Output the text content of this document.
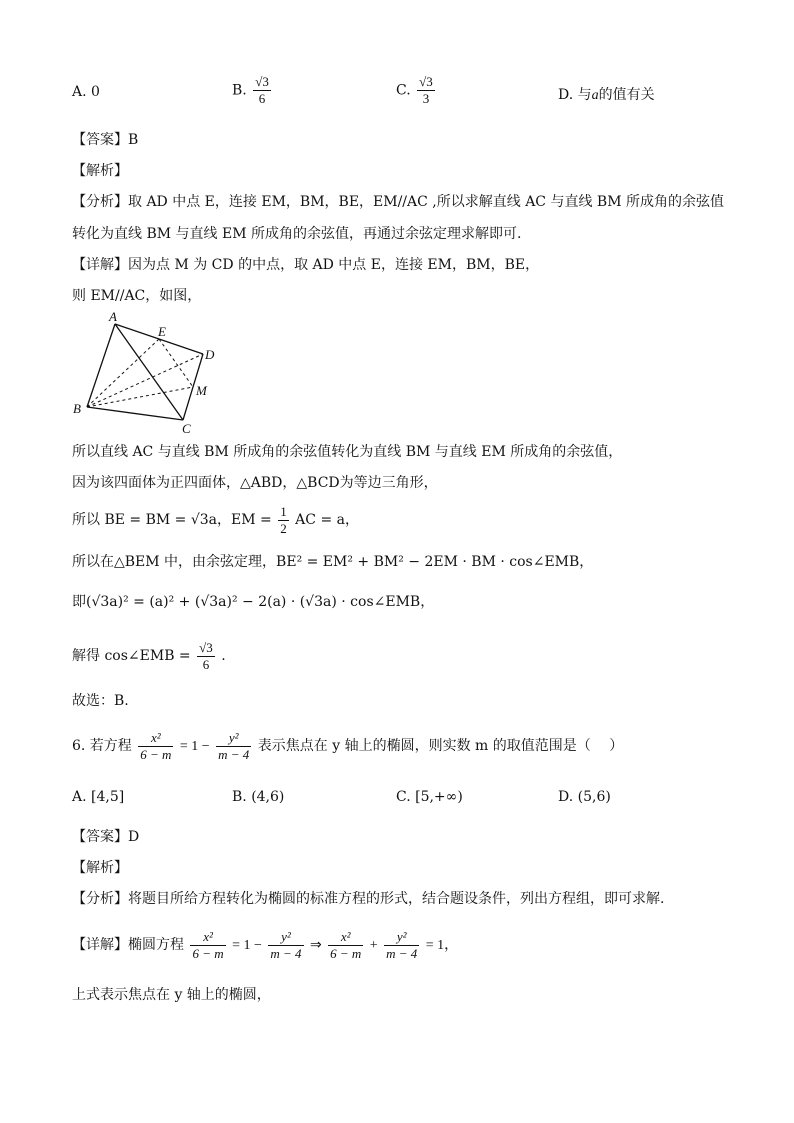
A. 0	B. $\frac{√3}{6}$	C. $\frac{√3}{3}$	D. 与a的值有关
【答案】B
【解析】
【分析】取 AD 中点 E，连接 EM，BM，BE，EM//AC ,所以求解直线 AC 与直线 BM 所成角的余弦值
转化为直线 BM 与直线 EM 所成角的余弦值，再通过余弦定理求解即可.
【详解】因为点 M 为 CD 的中点，取 AD 中点 E，连接 EM，BM，BE，
则 EM//AC，如图，
A
E
D
M
B
C
所以直线 AC 与直线 BM 所成角的余弦值转化为直线 BM 与直线 EM 所成角的余弦值，
因为该四面体为正四面体，△ABD，△BCD为等边三角形，
所以 BE = BM = √3a，EM = $\frac{1}{2}$ AC = a，
所以在△BEM 中，由余弦定理，BE² = EM² + BM² − 2EM · BM · cos∠EMB，
即(√3a)² = (a)² + (√3a)² − 2(a) · (√3a) · cos∠EMB，
解得 cos∠EMB = $\frac{√3}{6}$ .
故选：B.
6. 若方程 $\frac{\text{x²}}{6 - m} = 1 - \frac{\text{y²}}{m - 4}$ 表示焦点在 y 轴上的椭圆，则实数 m 的取值范围是（　 ）
A. [4,5]	B. (4,6)	C. [5,+∞)	D. (5,6)
【答案】D
【解析】
【分析】将题目所给方程转化为椭圆的标准方程的形式，结合题设条件，列出方程组，即可求解.
【详解】椭圆方程 $\frac{\text{x²}}{6 - m} = 1 - \frac{\text{y²}}{m - 4}$ ⇒ $\frac{\text{x²}}{6 - m} + \frac{\text{y²}}{m - 4} = 1$，
上式表示焦点在 y 轴上的椭圆，
